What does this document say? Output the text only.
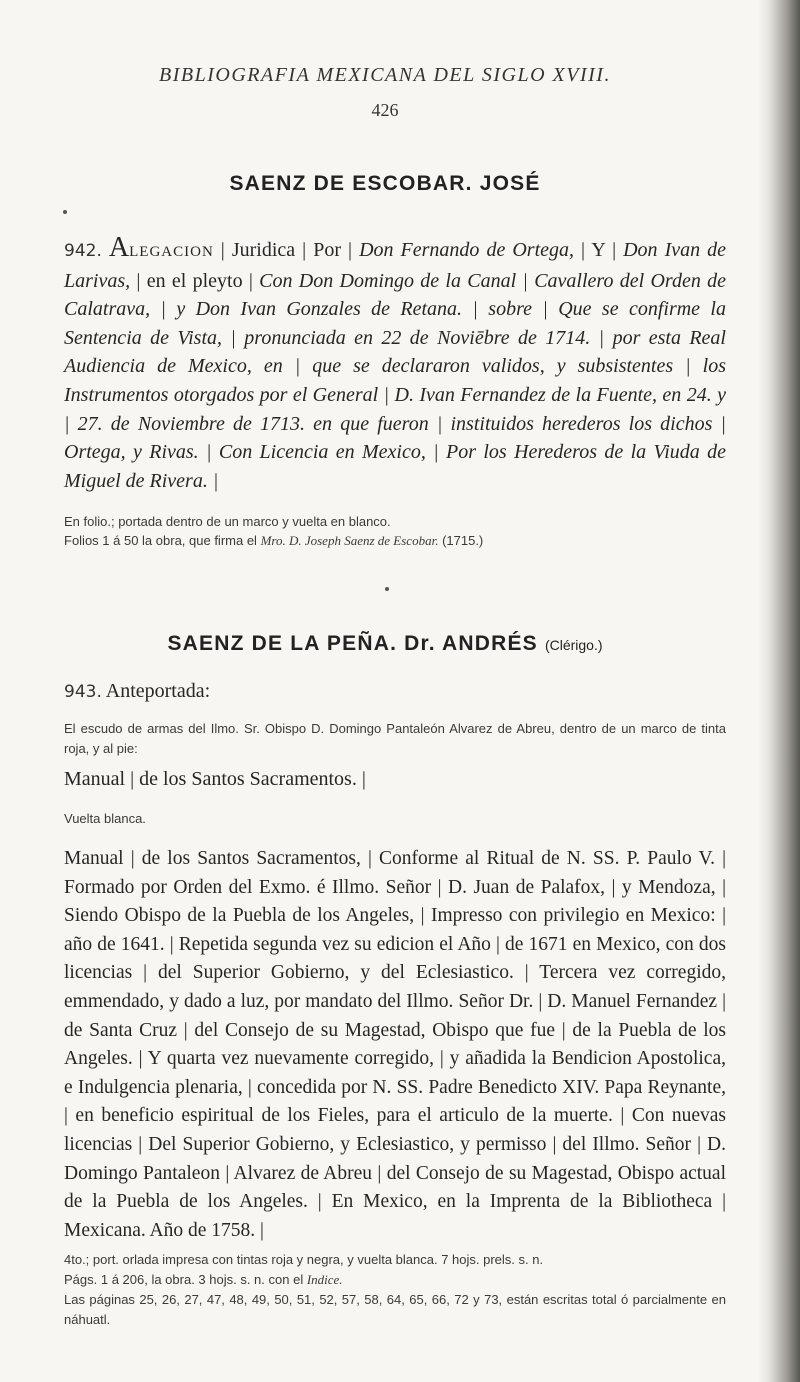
BIBLIOGRAFIA MEXICANA DEL SIGLO XVIII.
426
SAENZ DE ESCOBAR. JOSÉ
942. ALEGACION | Juridica | Por | Don Fernando de Ortega, | Y | Don Ivan de Larivas, | en el pleyto | Con Don Domingo de la Canal | Cavallero del Orden de Calatrava, | y Don Ivan Gonzales de Retana. | sobre | Que se confirme la Sentencia de Vista, | pronunciada en 22 de Noviēbre de 1714. | por esta Real Audiencia de Mexico, en | que se declararon validos, y subsistentes | los Instrumentos otorgados por el General | D. Ivan Fernandez de la Fuente, en 24. y | 27. de Noviembre de 1713. en que fueron | instituidos herederos los dichos | Ortega, y Rivas. | Con Licencia en Mexico, | Por los Herederos de la Viuda de Miguel de Rivera. |
En folio.; portada dentro de un marco y vuelta en blanco.
Folios 1 á 50 la obra, que firma el Mro. D. Joseph Saenz de Escobar. (1715.)
SAENZ DE LA PEÑA. Dr. ANDRÉS (Clérigo.)
943. Anteportada:
El escudo de armas del Ilmo. Sr. Obispo D. Domingo Pantaleón Alvarez de Abreu, dentro de un marco de tinta roja, y al pie:
Manual | de los Santos Sacramentos. |
Vuelta blanca.
Manual | de los Santos Sacramentos, | Conforme al Ritual de N. SS. P. Paulo V. | Formado por Orden del Exmo. é Illmo. Señor | D. Juan de Palafox, | y Mendoza, | Siendo Obispo de la Puebla de los Angeles, | Impresso con privilegio en Mexico: | año de 1641. | Repetida segunda vez su edicion el Año | de 1671 en Mexico, con dos licencias | del Superior Gobierno, y del Eclesiastico. | Tercera vez corregido, emmendado, y dado a luz, por mandato del Illmo. Señor Dr. | D. Manuel Fernandez | de Santa Cruz | del Consejo de su Magestad, Obispo que fue | de la Puebla de los Angeles. | Y quarta vez nuevamente corregido, | y añadida la Bendicion Apostolica, e Indulgencia plenaria, | concedida por N. SS. Padre Benedicto XIV. Papa Reynante, | en beneficio espiritual de los Fieles, para el articulo de la muerte. | Con nuevas licencias | Del Superior Gobierno, y Eclesiastico, y permisso | del Illmo. Señor | D. Domingo Pantaleon | Alvarez de Abreu | del Consejo de su Magestad, Obispo actual de la Puebla de los Angeles. | En Mexico, en la Imprenta de la Bibliotheca | Mexicana. Año de 1758. |
4to.; port. orlada impresa con tintas roja y negra, y vuelta blanca. 7 hojs. prels. s. n.
Págs. 1 á 206, la obra. 3 hojs. s. n. con el Indice.
Las páginas 25, 26, 27, 47, 48, 49, 50, 51, 52, 57, 58, 64, 65, 66, 72 y 73, están escritas total ó parcialmente en náhuatl.
